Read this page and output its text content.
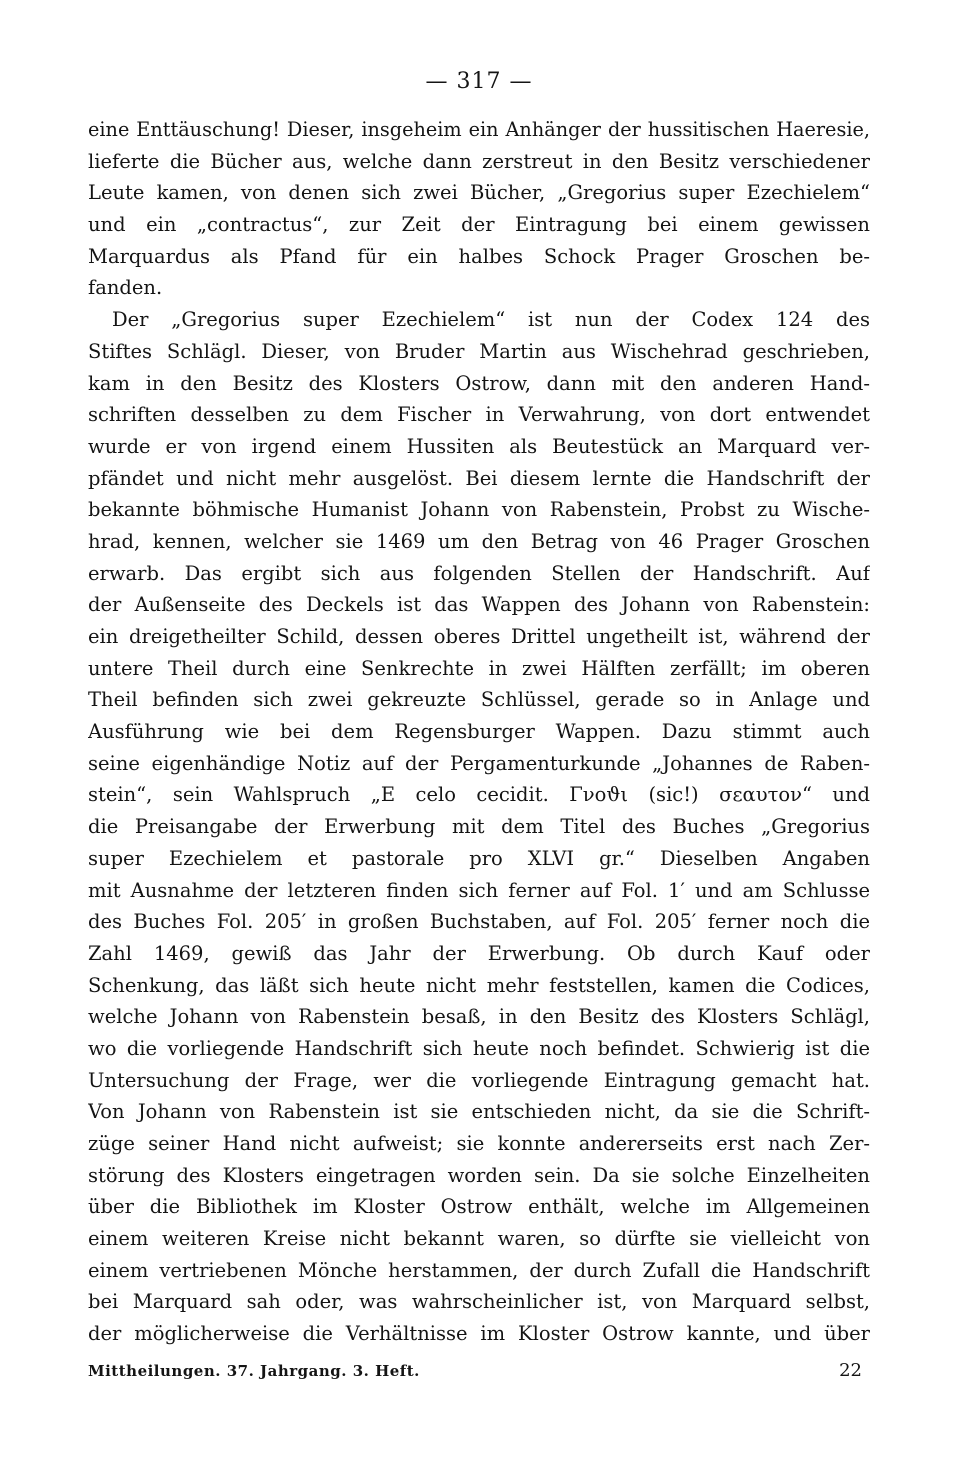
— 317 —
eine Enttäuschung! Dieser, insgeheim ein Anhänger der hussitischen Haeresie,
lieferte die Bücher aus, welche dann zerstreut in den Besitz verschiedener
Leute kamen, von denen sich zwei Bücher, „Gregorius super Ezechielem“
und ein „contractus“, zur Zeit der Eintragung bei einem gewissen
Marquardus als Pfand für ein halbes Schock Prager Groschen be-
fanden.
Der „Gregorius super Ezechielem“ ist nun der Codex 124 des
Stiftes Schlägl. Dieser, von Bruder Martin aus Wischehrad geschrieben,
kam in den Besitz des Klosters Ostrow, dann mit den anderen Hand-
schriften desselben zu dem Fischer in Verwahrung, von dort entwendet
wurde er von irgend einem Hussiten als Beutestück an Marquard ver-
pfändet und nicht mehr ausgelöst. Bei diesem lernte die Handschrift der
bekannte böhmische Humanist Johann von Rabenstein, Probst zu Wische-
hrad, kennen, welcher sie 1469 um den Betrag von 46 Prager Groschen
erwarb. Das ergibt sich aus folgenden Stellen der Handschrift. Auf
der Außenseite des Deckels ist das Wappen des Johann von Rabenstein:
ein dreigetheilter Schild, dessen oberes Drittel ungetheilt ist, während der
untere Theil durch eine Senkrechte in zwei Hälften zerfällt; im oberen
Theil befinden sich zwei gekreuzte Schlüssel, gerade so in Anlage und
Ausführung wie bei dem Regensburger Wappen. Dazu stimmt auch
seine eigenhändige Notiz auf der Pergamenturkunde „Johannes de Raben-
stein“, sein Wahlspruch „E celo cecidit. Γνοϑι (sic!) σεαυτον“ und
die Preisangabe der Erwerbung mit dem Titel des Buches „Gregorius
super Ezechielem et pastorale pro XLVI gr.“ Dieselben Angaben
mit Ausnahme der letzteren finden sich ferner auf Fol. 1′ und am Schlusse
des Buches Fol. 205′ in großen Buchstaben, auf Fol. 205′ ferner noch die
Zahl 1469, gewiß das Jahr der Erwerbung. Ob durch Kauf oder
Schenkung, das läßt sich heute nicht mehr feststellen, kamen die Codices,
welche Johann von Rabenstein besaß, in den Besitz des Klosters Schlägl,
wo die vorliegende Handschrift sich heute noch befindet. Schwierig ist die
Untersuchung der Frage, wer die vorliegende Eintragung gemacht hat.
Von Johann von Rabenstein ist sie entschieden nicht, da sie die Schrift-
züge seiner Hand nicht aufweist; sie konnte andererseits erst nach Zer-
störung des Klosters eingetragen worden sein. Da sie solche Einzelheiten
über die Bibliothek im Kloster Ostrow enthält, welche im Allgemeinen
einem weiteren Kreise nicht bekannt waren, so dürfte sie vielleicht von
einem vertriebenen Mönche herstammen, der durch Zufall die Handschrift
bei Marquard sah oder, was wahrscheinlicher ist, von Marquard selbst,
der möglicherweise die Verhältnisse im Kloster Ostrow kannte, und über
Mittheilungen. 37. Jahrgang. 3. Heft.	22
